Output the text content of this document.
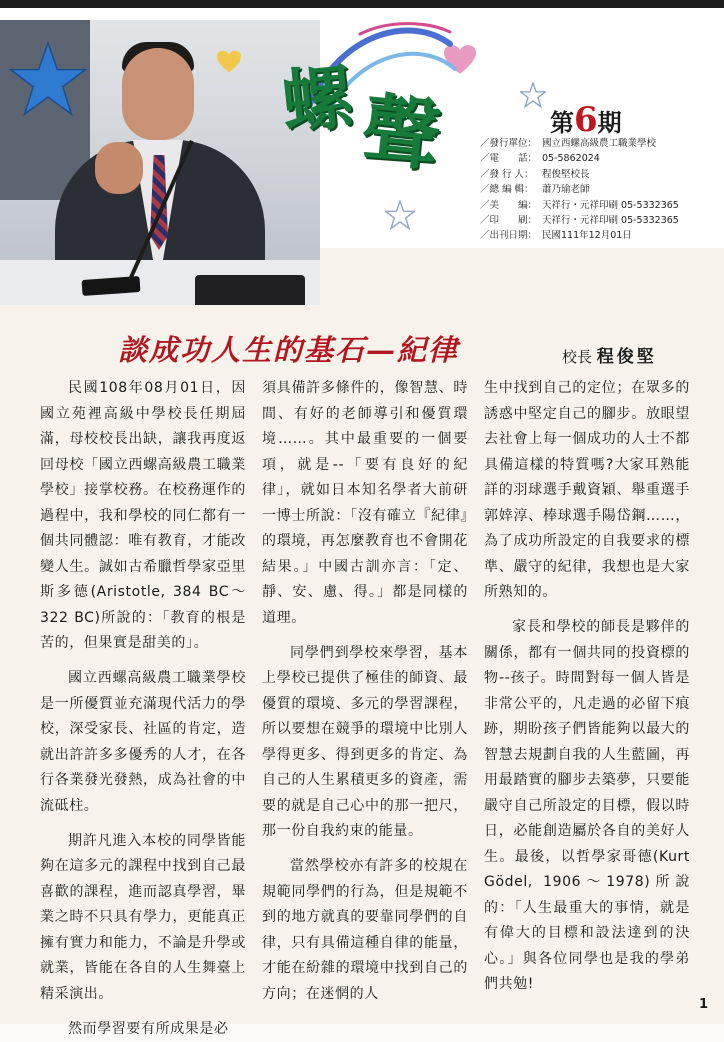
螺 聲	第6期
／發行單位： 國立西螺高級農工職業學校
／電　　話： 05-5862024
／發 行 人： 程俊堅校長
／總 編 輯： 蕭乃瑜老師
／美　　編： 天祥行・元祥印刷 05-5332365
／印　　刷： 天祥行・元祥印刷 05-5332365
／出刊日期： 民國111年12月01日
談成功人生的基石—紀律	校長 程俊堅

民國108年08月01日，因國立苑裡高級中學校長任期屆滿，母校校長出缺，讓我再度返回母校「國立西螺高級農工職業學校」接掌校務。在校務運作的過程中，我和學校的同仁都有一個共同體認：唯有教育，才能改變人生。誠如古希臘哲學家亞里斯多德(Aristotle, 384 BC～322 BC)所說的：「教育的根是苦的，但果實是甜美的」。

國立西螺高級農工職業學校是一所優質並充滿現代活力的學校，深受家長、社區的肯定，造就出許許多多優秀的人才，在各行各業發光發熱，成為社會的中流砥柱。

期許凡進入本校的同學皆能夠在這多元的課程中找到自己最喜歡的課程，進而認真學習，畢業之時不只具有學力，更能真正擁有實力和能力，不論是升學或就業，皆能在各自的人生舞臺上精采演出。

然而學習要有所成果是必

須具備許多條件的，像智慧、時間、有好的老師導引和優質環境……。其中最重要的一個要項，就是--「要有良好的紀律」，就如日本知名學者大前研一博士所說：「沒有確立『紀律』的環境，再怎麼教育也不會開花結果。」中國古訓亦言：「定、靜、安、慮、得。」都是同樣的道理。

同學們到學校來學習，基本上學校已提供了極佳的師資、最優質的環境、多元的學習課程，所以要想在競爭的環境中比別人學得更多、得到更多的肯定、為自己的人生累積更多的資產，需要的就是自己心中的那一把尺，那一份自我約束的能量。

當然學校亦有許多的校規在規範同學們的行為，但是規範不到的地方就真的要靠同學們的自律，只有具備這種自律的能量，才能在紛雜的環境中找到自己的方向；在迷惘的人

生中找到自己的定位；在眾多的誘惑中堅定自己的腳步。放眼望去社會上每一個成功的人士不都具備這樣的特質嗎?大家耳熟能詳的羽球選手戴資穎、舉重選手郭婞淳、棒球選手陽岱鋼……，為了成功所設定的自我要求的標準、嚴守的紀律，我想也是大家所熟知的。

家長和學校的師長是夥伴的關係，都有一個共同的投資標的物--孩子。時間對每一個人皆是非常公平的，凡走過的必留下痕跡，期盼孩子們皆能夠以最大的智慧去規劃自我的人生藍圖，再用最踏實的腳步去築夢，只要能嚴守自己所設定的目標，假以時日，必能創造屬於各自的美好人生。最後，以哲學家哥德(Kurt Gödel, 1906～1978)所說的：「人生最重大的事情，就是有偉大的目標和設法達到的決心。」與各位同學也是我的學弟們共勉!

1
